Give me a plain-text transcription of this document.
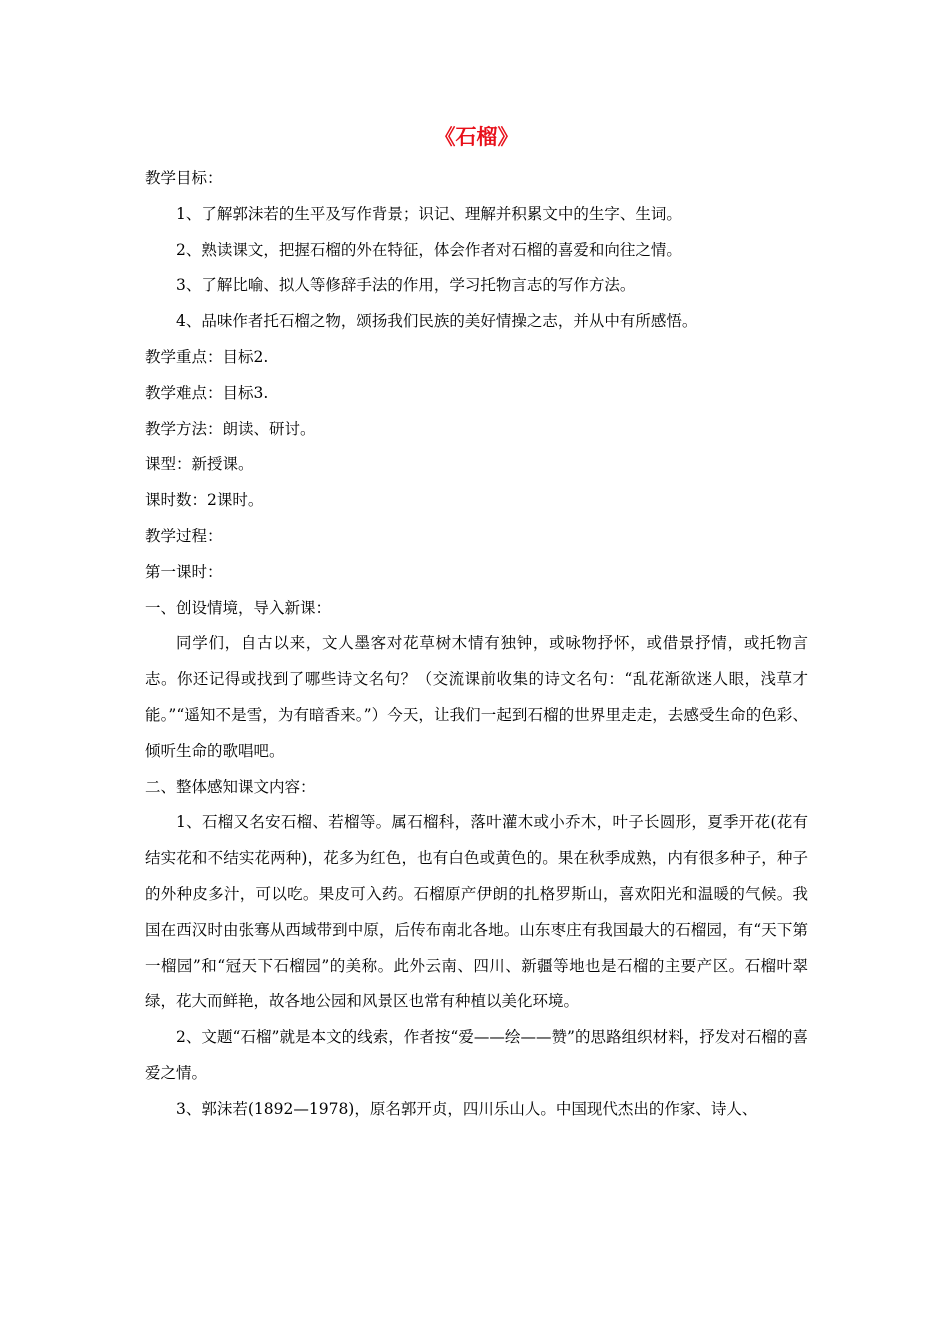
《石榴》

教学目标：

1、了解郭沫若的生平及写作背景；识记、理解并积累文中的生字、生词。

2、熟读课文，把握石榴的外在特征，体会作者对石榴的喜爱和向往之情。

3、了解比喻、拟人等修辞手法的作用，学习托物言志的写作方法。

4、品味作者托石榴之物，颂扬我们民族的美好情操之志，并从中有所感悟。

教学重点：目标2.

教学难点：目标3.

教学方法：朗读、研讨。

课型：新授课。

课时数：2课时。

教学过程：

第一课时：

一、创设情境，导入新课：

同学们，自古以来，文人墨客对花草树木情有独钟，或咏物抒怀，或借景抒情，或托物言志。你还记得或找到了哪些诗文名句？（交流课前收集的诗文名句：“乱花渐欲迷人眼，浅草才能。”“遥知不是雪，为有暗香来。”）今天，让我们一起到石榴的世界里走走，去感受生命的色彩、倾听生命的歌唱吧。

二、整体感知课文内容：

1、石榴又名安石榴、若榴等。属石榴科，落叶灌木或小乔木，叶子长圆形，夏季开花(花有结实花和不结实花两种)，花多为红色，也有白色或黄色的。果在秋季成熟，内有很多种子，种子的外种皮多汁，可以吃。果皮可入药。石榴原产伊朗的扎格罗斯山，喜欢阳光和温暖的气候。我国在西汉时由张骞从西域带到中原，后传布南北各地。山东枣庄有我国最大的石榴园，有“天下第一榴园”和“冠天下石榴园”的美称。此外云南、四川、新疆等地也是石榴的主要产区。石榴叶翠绿，花大而鲜艳，故各地公园和风景区也常有种植以美化环境。

2、文题“石榴”就是本文的线索，作者按“爱——绘——赞”的思路组织材料，抒发对石榴的喜爱之情。

3、郭沫若(1892—1978)，原名郭开贞，四川乐山人。中国现代杰出的作家、诗人、
